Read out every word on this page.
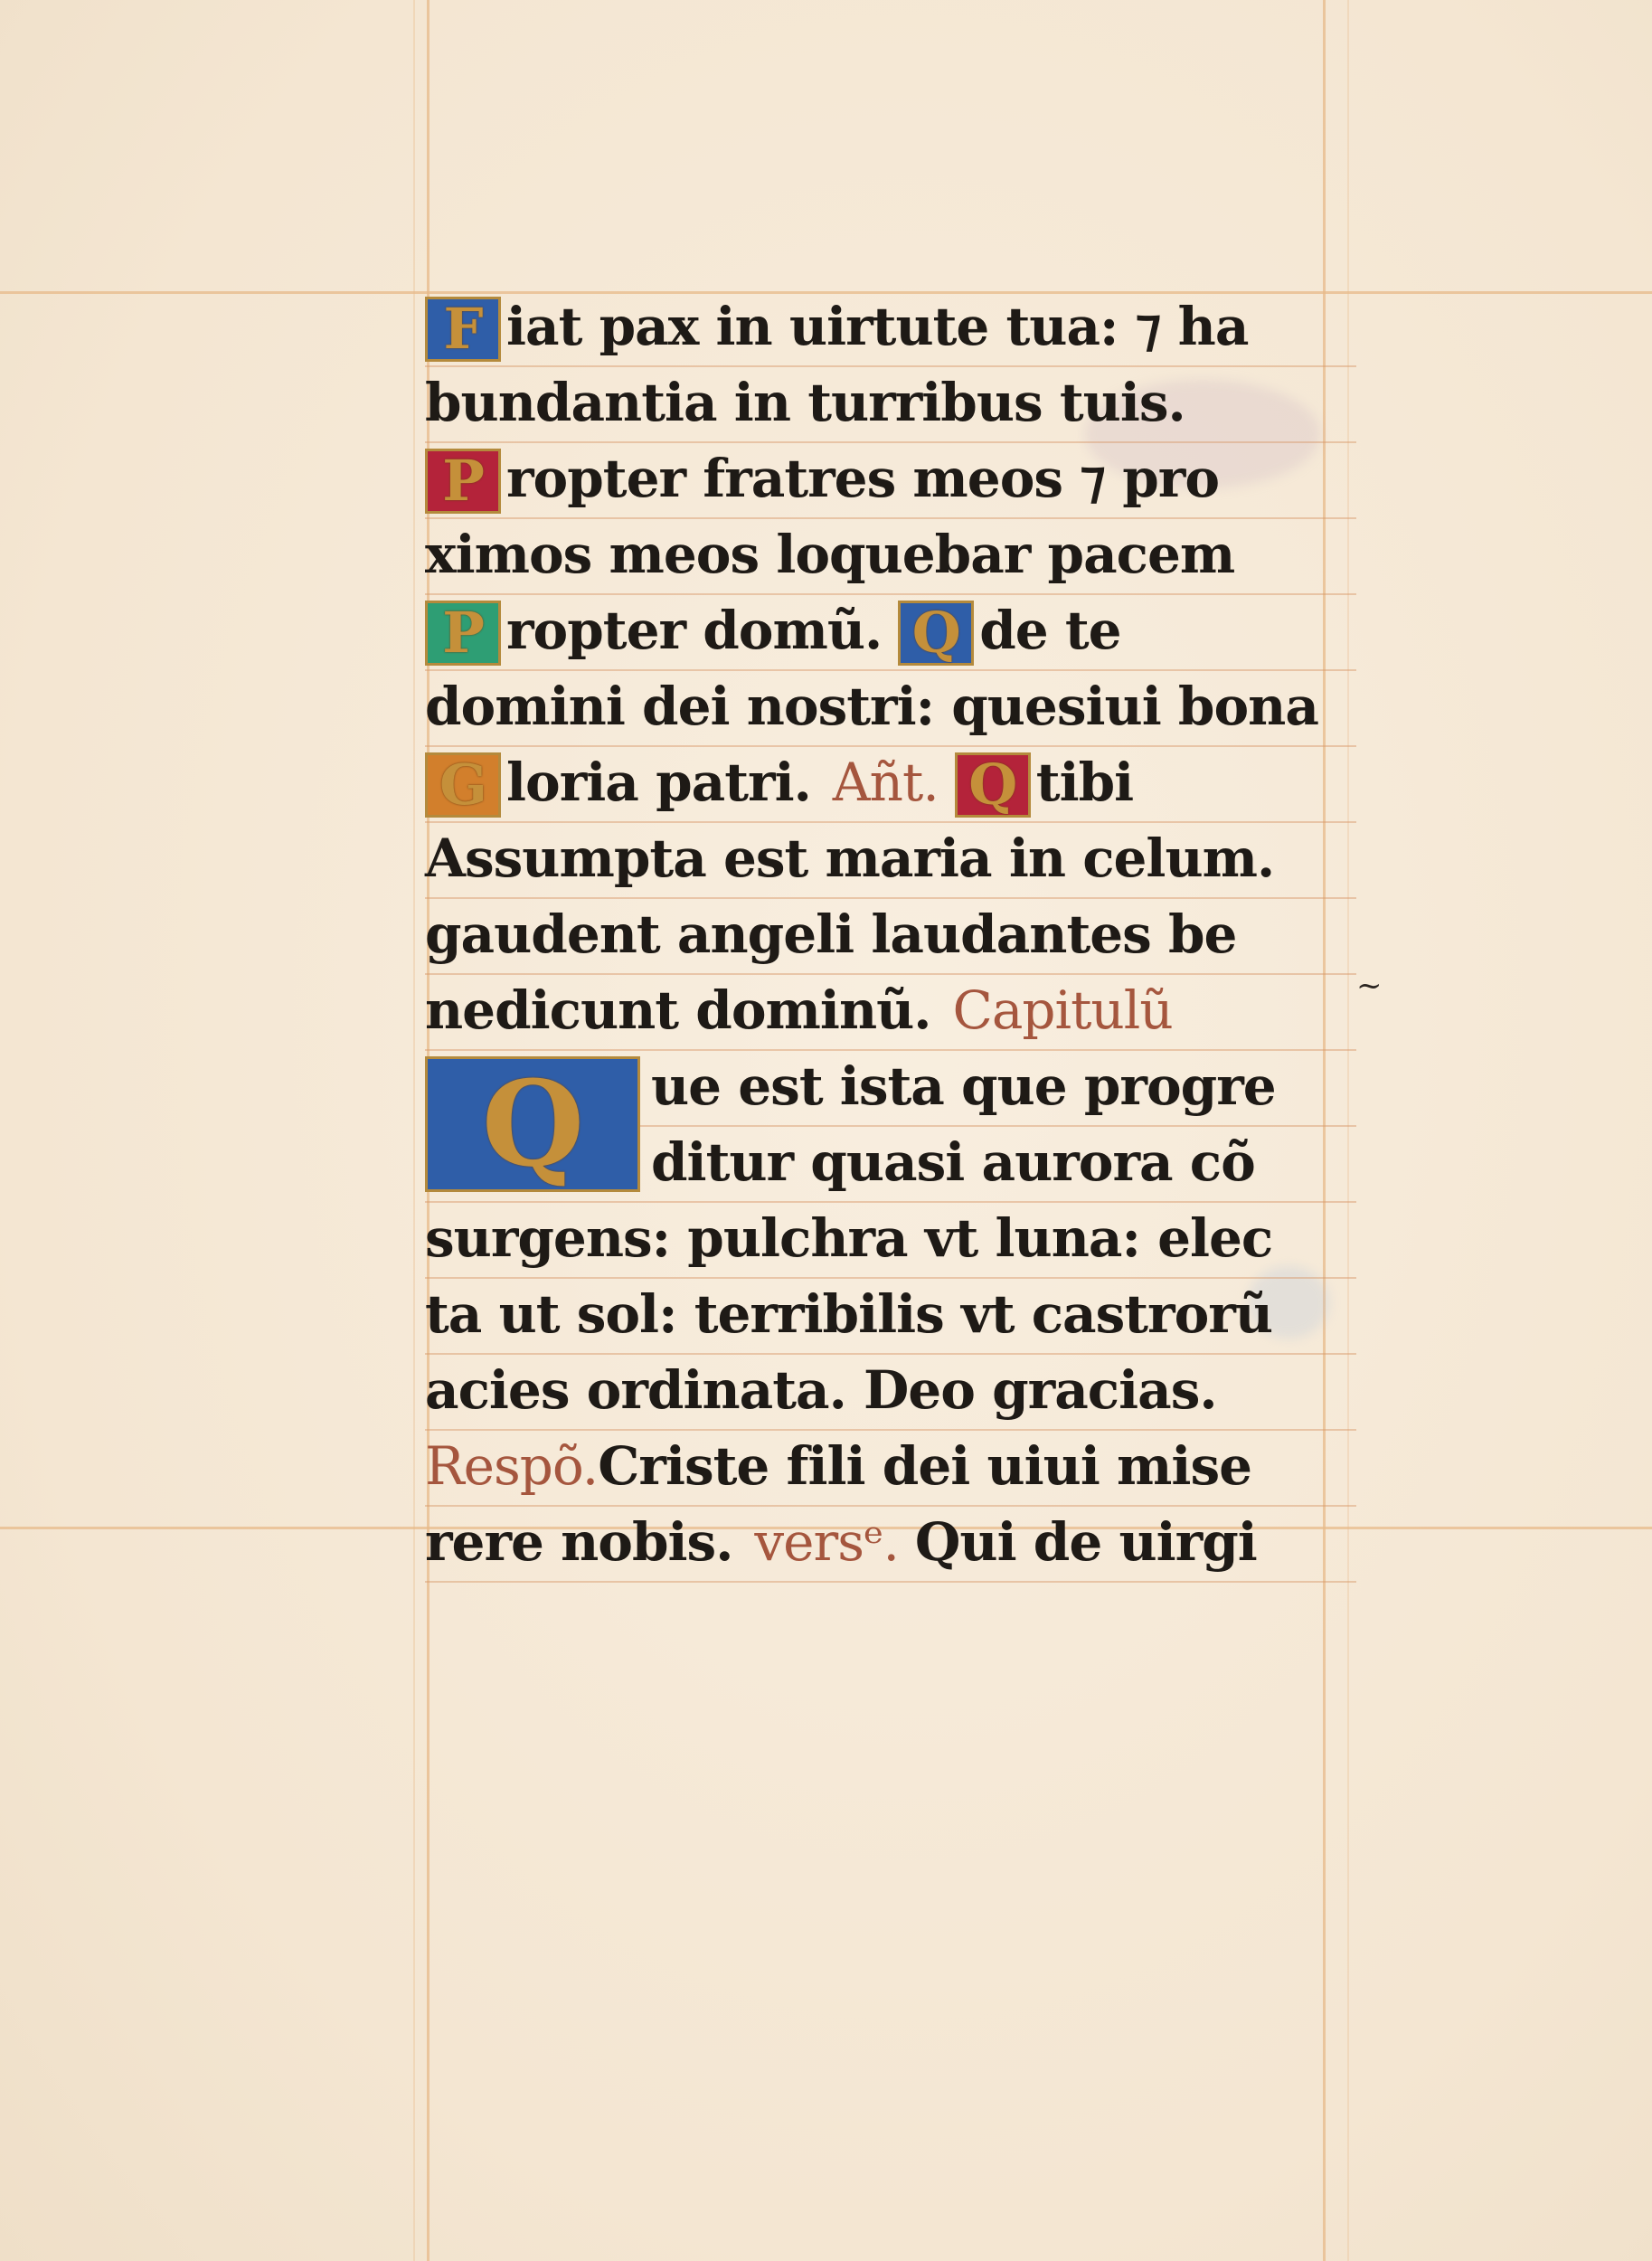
~
F iat pax in uirtute tua: ⁊ ha
bundantia in turribus tuis.
P ropter fratres meos ⁊ pro
ximos meos loquebar pacem
P ropter domũ. Q de te
domini dei nostri: quesiui bona
G loria patri. Añt. Q tibi
Assumpta est maria in celum.
gaudent angeli laudantes be
nedicunt dominũ. Capitulũ
Q	ue est ista que progre
ditur quasi aurora cõ
surgens: pulchra vt luna: elec
ta ut sol: terribilis vt castrorũ
acies ordinata. Deo gracias.
Respõ. Criste fili dei uiui mise
rere nobis. versᵉ. Qui de uirgi
